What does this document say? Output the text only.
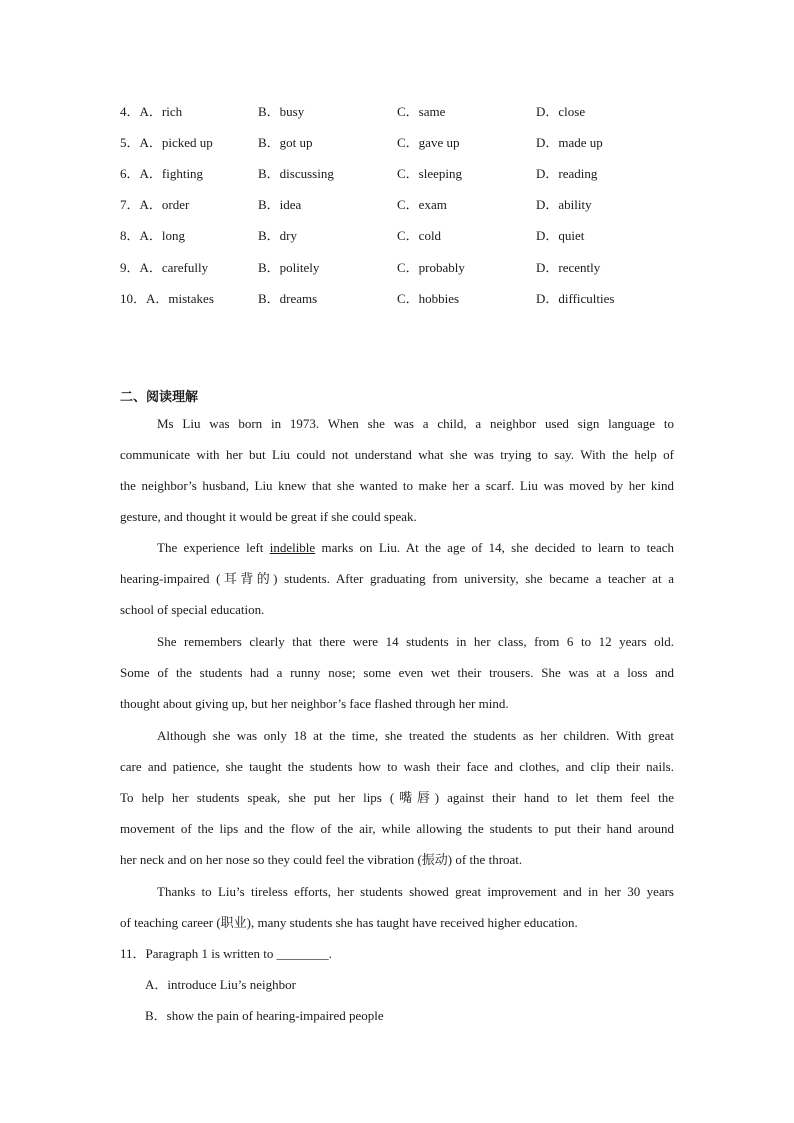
4．A．rich	B．busy	C．same	D．close
5．A．picked up	B．got up	C．gave up	D．made up
6．A．fighting	B．discussing	C．sleeping	D．reading
7．A．order	B．idea	C．exam	D．ability
8．A．long	B．dry	C．cold	D．quiet
9．A．carefully	B．politely	C．probably	D．recently
10．A．mistakes	B．dreams	C．hobbies	D．difficulties
二、阅读理解
Ms Liu was born in 1973. When she was a child, a neighbor used sign language to
communicate with her but Liu could not understand what she was trying to say. With the help of
the neighbor’s husband, Liu knew that she wanted to make her a scarf. Liu was moved by her kind
gesture, and thought it would be great if she could speak.
The experience left indelible marks on Liu. At the age of 14, she decided to learn to teach
hearing-impaired (耳背的) students. After graduating from university, she became a teacher at a
school of special education.
She remembers clearly that there were 14 students in her class, from 6 to 12 years old.
Some of the students had a runny nose; some even wet their trousers. She was at a loss and
thought about giving up, but her neighbor’s face flashed through her mind.
Although she was only 18 at the time, she treated the students as her children. With great
care and patience, she taught the students how to wash their face and clothes, and clip their nails.
To help her students speak, she put her lips (嘴唇) against their hand to let them feel the
movement of the lips and the flow of the air, while allowing the students to put their hand around
her neck and on her nose so they could feel the vibration (振动) of the throat.
Thanks to Liu’s tireless efforts, her students showed great improvement and in her 30 years
of teaching career (职业), many students she has taught have received higher education.
11．Paragraph 1 is written to ________.
A．introduce Liu’s neighbor
B．show the pain of hearing-impaired people
